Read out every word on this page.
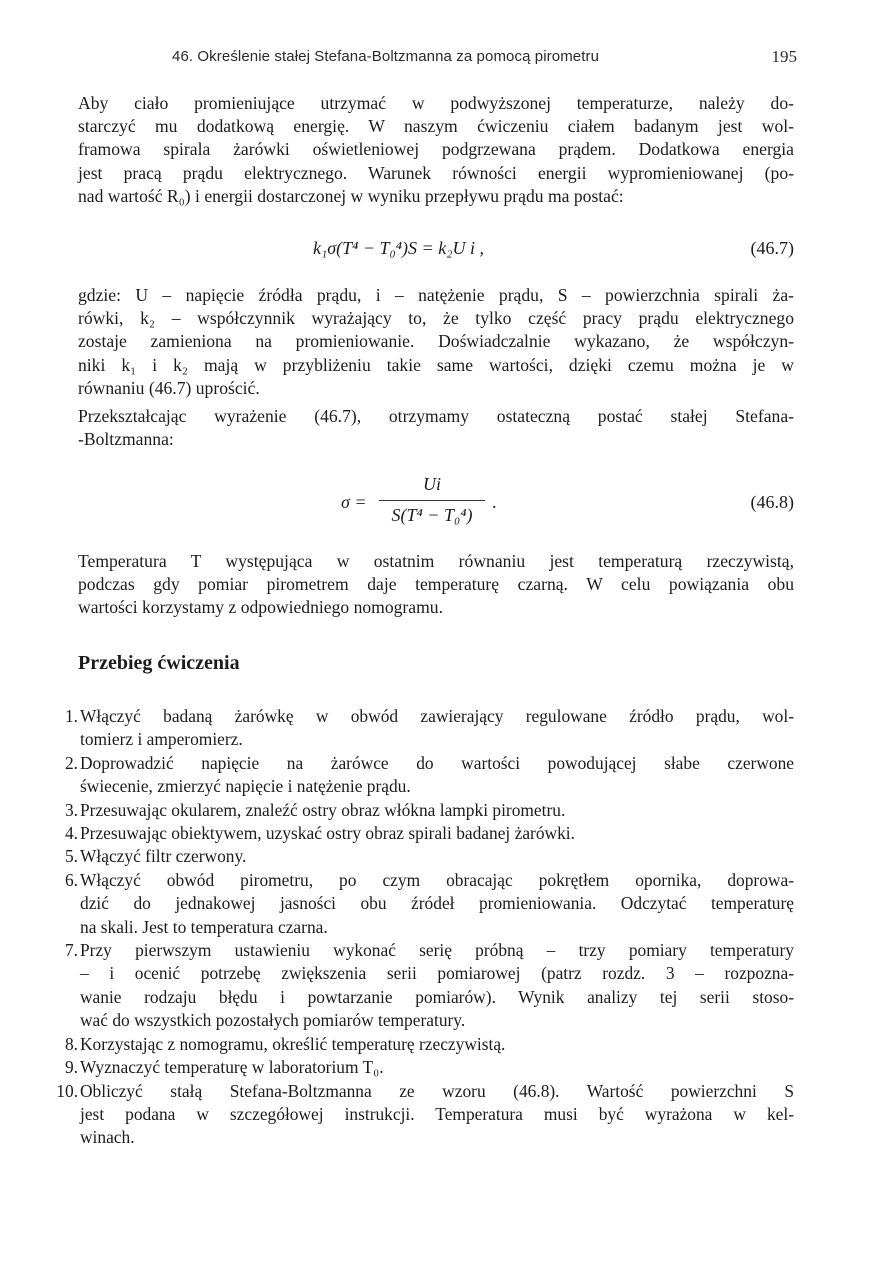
46. Określenie stałej Stefana-Boltzmanna za pomocą pirometru	195
Aby ciało promieniujące utrzymać w podwyższonej temperaturze, należy do-
starczyć mu dodatkową energię. W naszym ćwiczeniu ciałem badanym jest wol-
framowa spirala żarówki oświetleniowej podgrzewana prądem. Dodatkowa energia
jest pracą prądu elektrycznego. Warunek równości energii wypromieniowanej (po-
nad wartość R₀) i energii dostarczonej w wyniku przepływu prądu ma postać:
k₁σ(T⁴ − T₀⁴)S = k₂U i ,	(46.7)
gdzie: U – napięcie źródła prądu, i – natężenie prądu, S – powierzchnia spirali ża-
rówki, k₂ – współczynnik wyrażający to, że tylko część pracy prądu elektrycznego
zostaje zamieniona na promieniowanie. Doświadczalnie wykazano, że współczyn-
niki k₁ i k₂ mają w przybliżeniu takie same wartości, dzięki czemu można je w
równaniu (46.7) uprościć.
Przekształcając wyrażenie (46.7), otrzymamy ostateczną postać stałej Stefana-
-Boltzmanna:
σ =
Ui
S(T⁴ − T₀⁴)
.	(46.8)
Temperatura T występująca w ostatnim równaniu jest temperaturą rzeczywistą,
podczas gdy pomiar pirometrem daje temperaturę czarną. W celu powiązania obu
wartości korzystamy z odpowiedniego nomogramu.
Przebieg ćwiczenia
1. Włączyć badaną żarówkę w obwód zawierający regulowane źródło prądu, wol-
tomierz i amperomierz.
2. Doprowadzić napięcie na żarówce do wartości powodującej słabe czerwone
świecenie, zmierzyć napięcie i natężenie prądu.
3. Przesuwając okularem, znaleźć ostry obraz włókna lampki pirometru.
4. Przesuwając obiektywem, uzyskać ostry obraz spirali badanej żarówki.
5. Włączyć filtr czerwony.
6. Włączyć obwód pirometru, po czym obracając pokrętłem opornika, doprowa-
dzić do jednakowej jasności obu źródeł promieniowania. Odczytać temperaturę
na skali. Jest to temperatura czarna.
7. Przy pierwszym ustawieniu wykonać serię próbną – trzy pomiary temperatury
– i ocenić potrzebę zwiększenia serii pomiarowej (patrz rozdz. 3 – rozpozna-
wanie rodzaju błędu i powtarzanie pomiarów). Wynik analizy tej serii stoso-
wać do wszystkich pozostałych pomiarów temperatury.
8. Korzystając z nomogramu, określić temperaturę rzeczywistą.
9. Wyznaczyć temperaturę w laboratorium T₀.
10. Obliczyć stałą Stefana-Boltzmanna ze wzoru (46.8). Wartość powierzchni S
jest podana w szczegółowej instrukcji. Temperatura musi być wyrażona w kel-
winach.
